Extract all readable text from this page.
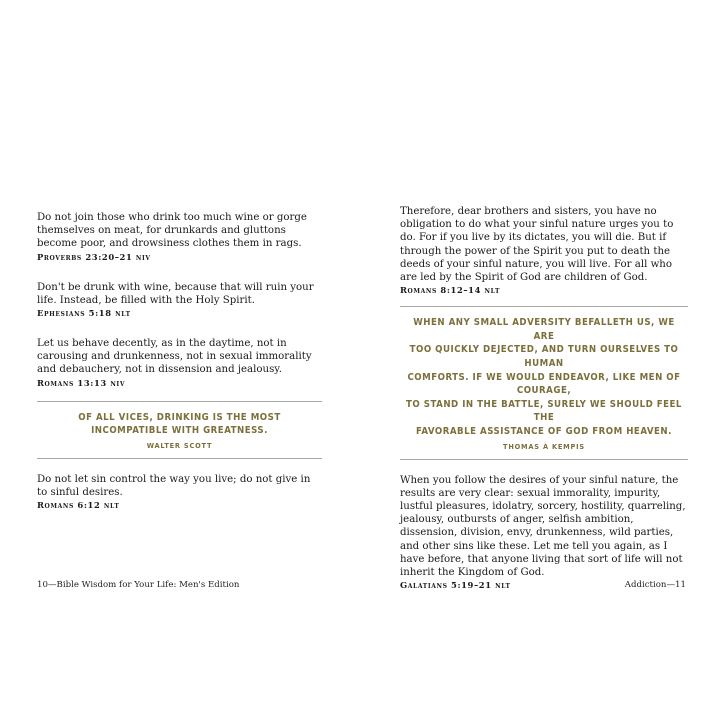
Do not join those who drink too much wine or gorge themselves on meat, for drunkards and gluttons become poor, and drowsiness clothes them in rags.

Proverbs 23:20–21 niv

Don't be drunk with wine, because that will ruin your life. Instead, be filled with the Holy Spirit.

Ephesians 5:18 nlt

Let us behave decently, as in the daytime, not in carousing and drunkenness, not in sexual immorality and debauchery, not in dissension and jealousy.

Romans 13:13 niv

OF ALL VICES, DRINKING IS THE MOST

INCOMPATIBLE WITH GREATNESS.

WALTER SCOTT

Do not let sin control the way you live; do not give in to sinful desires.

Romans 6:12 nlt

10—Bible Wisdom for Your Life: Men's Edition

Therefore, dear brothers and sisters, you have no obligation to do what your sinful nature urges you to do. For if you live by its dictates, you will die. But if through the power of the Spirit you put to death the deeds of your sinful nature, you will live. For all who are led by the Spirit of God are children of God.

Romans 8:12–14 nlt

WHEN ANY SMALL ADVERSITY BEFALLETH US, WE ARE

TOO QUICKLY DEJECTED, AND TURN OURSELVES TO HUMAN

COMFORTS. IF WE WOULD ENDEAVOR, LIKE MEN OF COURAGE,

TO STAND IN THE BATTLE, SURELY WE SHOULD FEEL THE

FAVORABLE ASSISTANCE OF GOD FROM HEAVEN.

THOMAS À KEMPIS

When you follow the desires of your sinful nature, the results are very clear: sexual immorality, impurity, lustful pleasures, idolatry, sorcery, hostility, quarreling, jealousy, outbursts of anger, selfish ambition, dissension, division, envy, drunkenness, wild parties, and other sins like these. Let me tell you again, as I have before, that anyone living that sort of life will not inherit the Kingdom of God.

Galatians 5:19–21 nlt	Addiction—11
